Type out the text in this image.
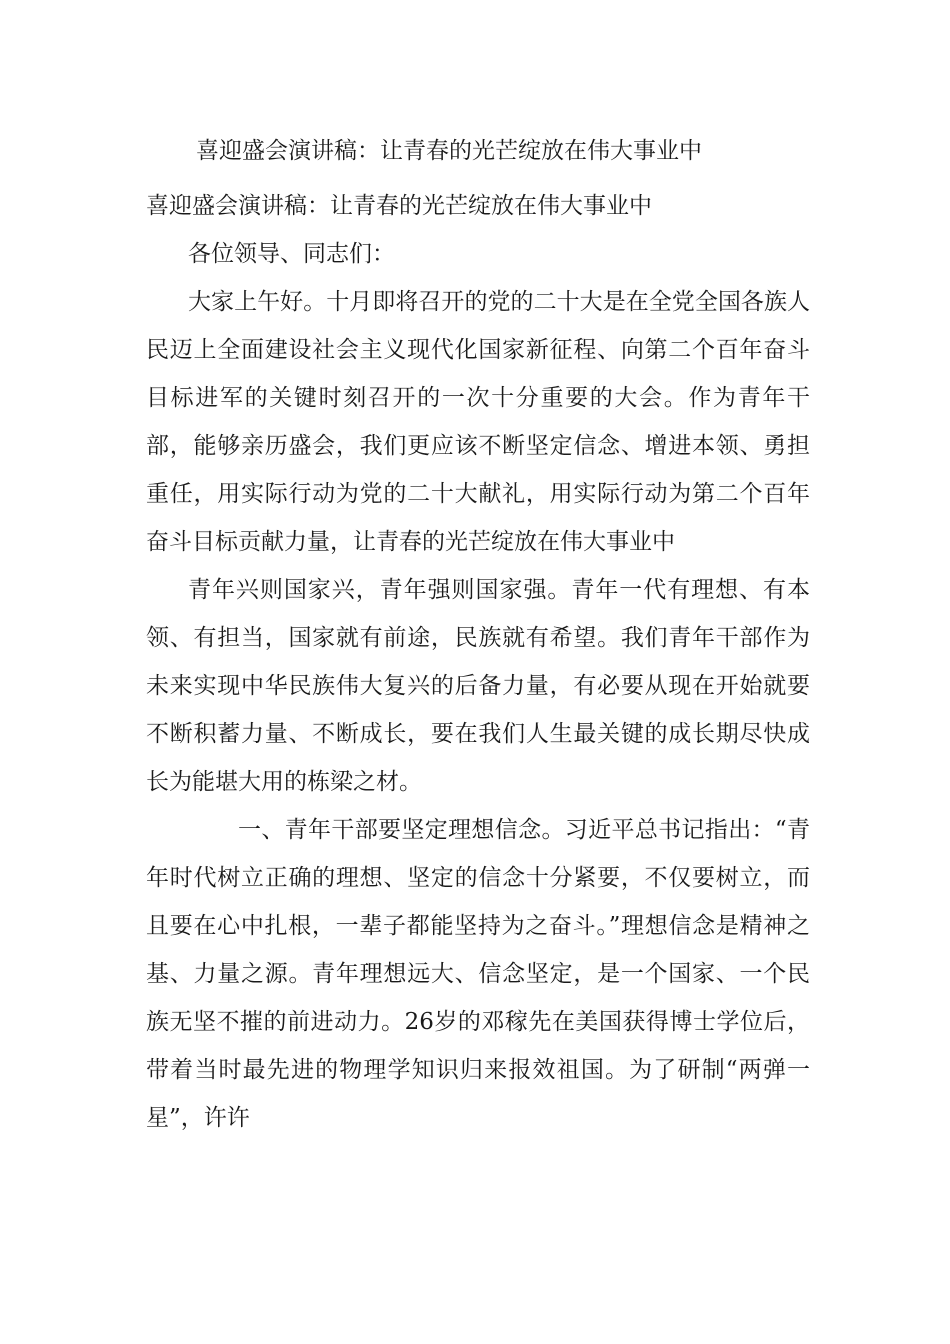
喜迎盛会演讲稿：让青春的光芒绽放在伟大事业中

喜迎盛会演讲稿：让青春的光芒绽放在伟大事业中

各位领导、同志们：

大家上午好。十月即将召开的党的二十大是在全党全国各族人民迈上全面建设社会主义现代化国家新征程、向第二个百年奋斗目标进军的关键时刻召开的一次十分重要的大会。作为青年干部，能够亲历盛会，我们更应该不断坚定信念、增进本领、勇担重任，用实际行动为党的二十大献礼，用实际行动为第二个百年奋斗目标贡献力量，让青春的光芒绽放在伟大事业中

青年兴则国家兴，青年强则国家强。青年一代有理想、有本领、有担当，国家就有前途，民族就有希望。我们青年干部作为未来实现中华民族伟大复兴的后备力量，有必要从现在开始就要不断积蓄力量、不断成长，要在我们人生最关键的成长期尽快成长为能堪大用的栋梁之材。

一、青年干部要坚定理想信念。习近平总书记指出：“青年时代树立正确的理想、坚定的信念十分紧要，不仅要树立，而且要在心中扎根，一辈子都能坚持为之奋斗。”理想信念是精神之基、力量之源。青年理想远大、信念坚定，是一个国家、一个民族无坚不摧的前进动力。26岁的邓稼先在美国获得博士学位后，带着当时最先进的物理学知识归来报效祖国。为了研制“两弹一星”，许许
